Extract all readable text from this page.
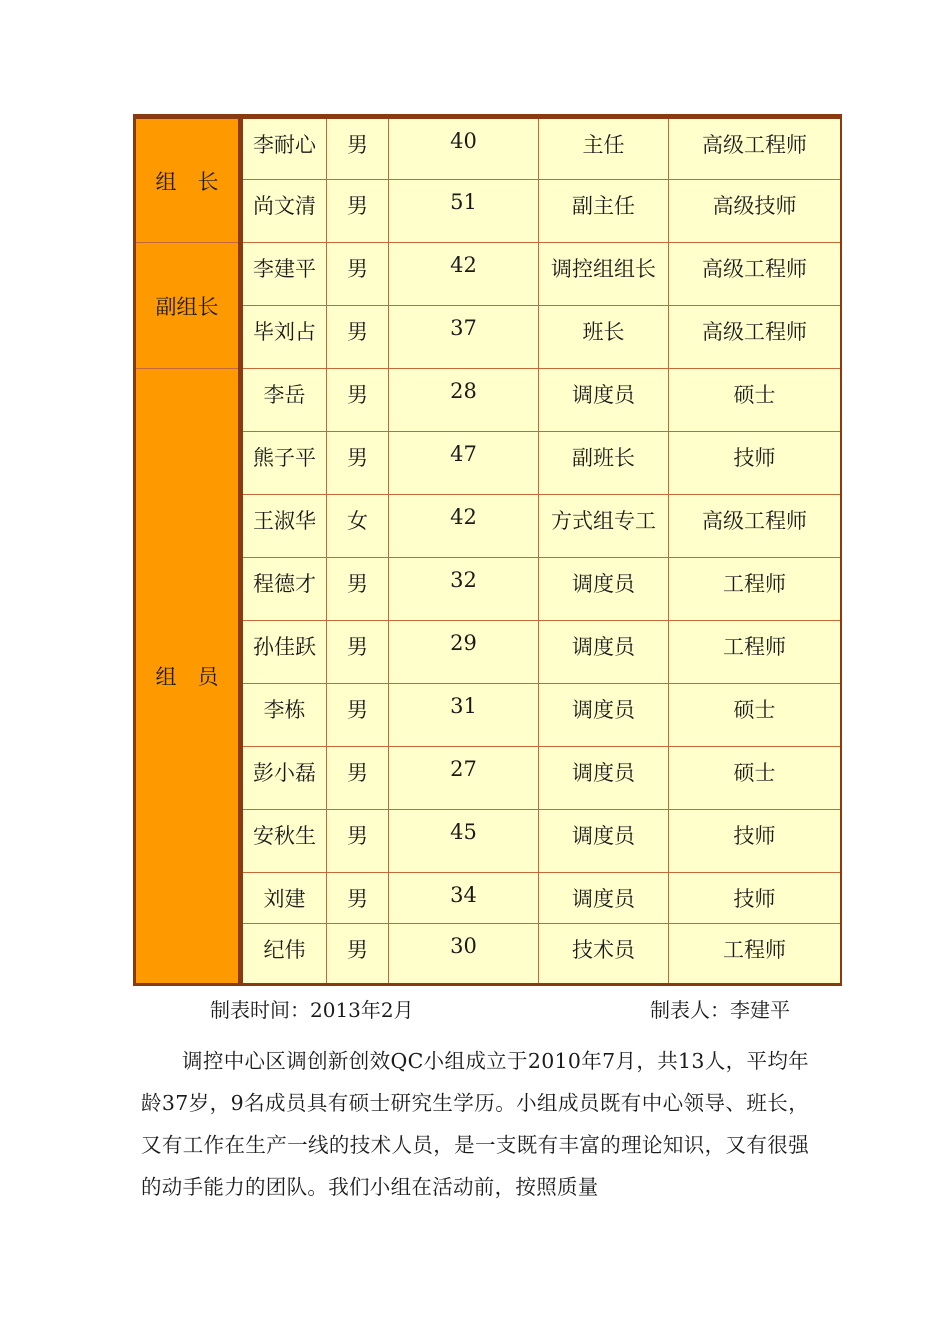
组　长	李耐心	男	40	主任	高级工程师	
	尚文清	男	51	副主任	高级技师	
副组长	李建平	男	42	调控组组长	高级工程师	
	毕刘占	男	37	班长	高级工程师	
组　员	李岳	男	28	调度员	硕士	
	熊子平	男	47	副班长	技师	
	王淑华	女	42	方式组专工	高级工程师	
	程德才	男	32	调度员	工程师	
	孙佳跃	男	29	调度员	工程师	
	李栋	男	31	调度员	硕士	
	彭小磊	男	27	调度员	硕士	
	安秋生	男	45	调度员	技师	
	刘建	男	34	调度员	技师	
	纪伟	男	30	技术员	工程师	
制表时间：2013年2月	制表人：李建平

调控中心区调创新创效QC小组成立于2010年7月，共13人，平均年龄37岁，9名成员具有硕士研究生学历。小组成员既有中心领导、班长，又有工作在生产一线的技术人员，是一支既有丰富的理论知识，又有很强的动手能力的团队。我们小组在活动前，按照质量
